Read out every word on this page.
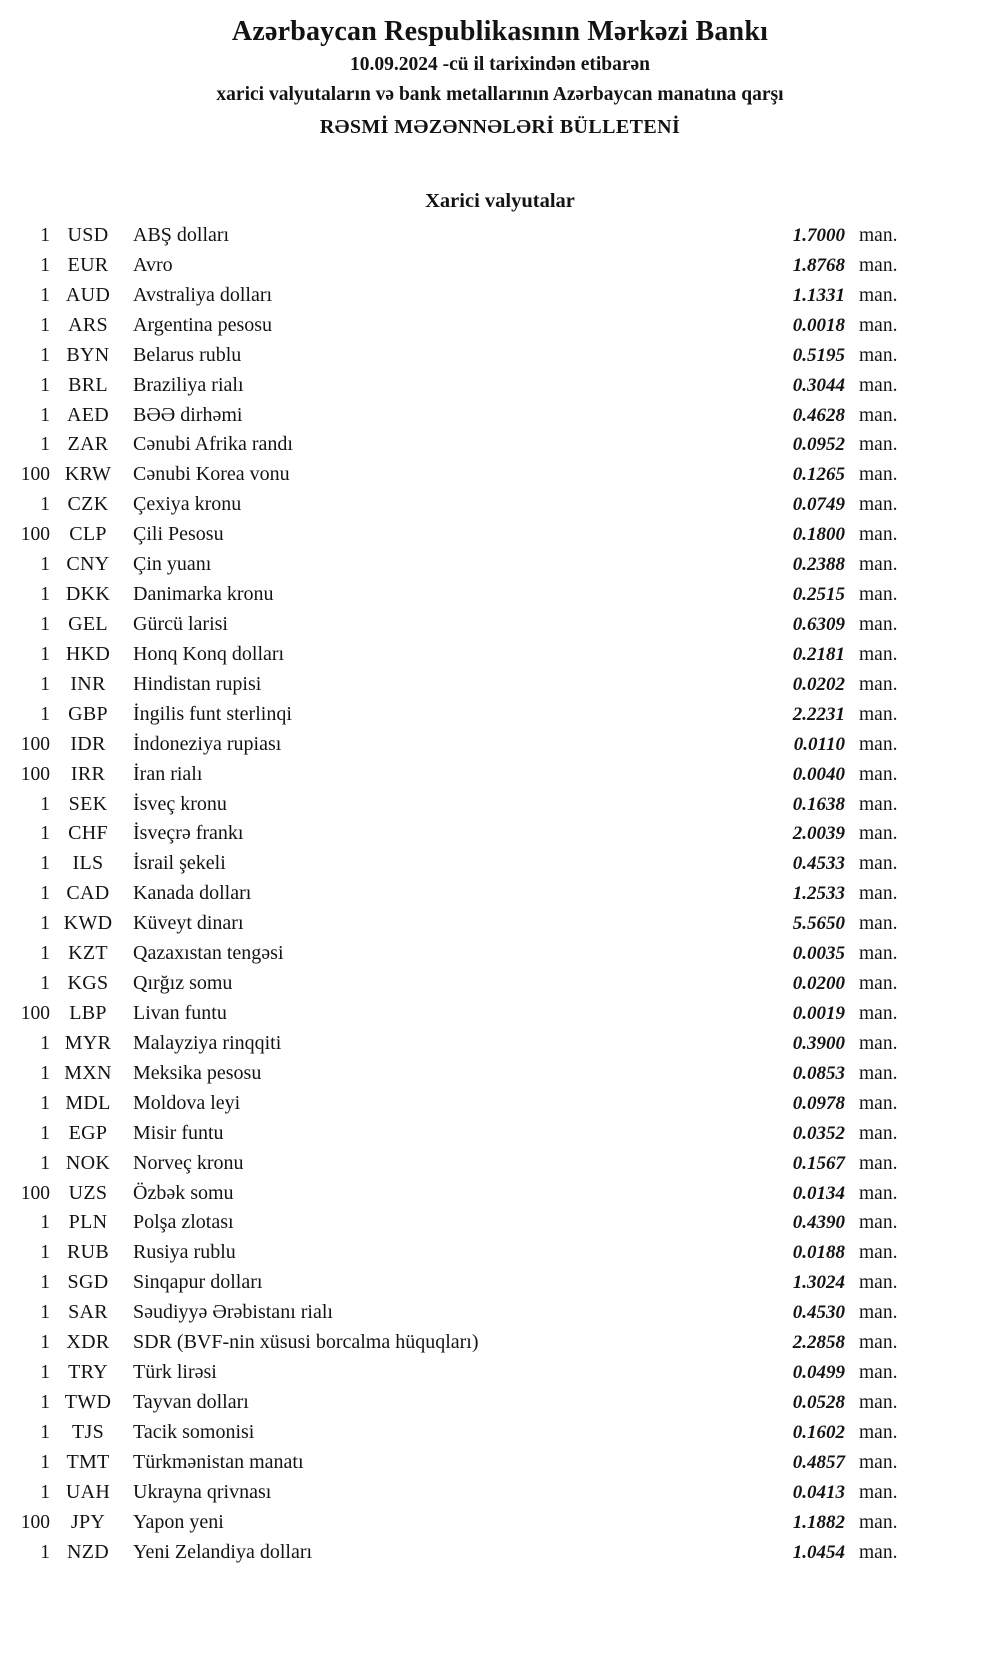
Azərbaycan Respublikasının Mərkəzi Bankı
10.09.2024 -cü il tarixindən etibarən
xarici valyutaların və bank metallarının Azərbaycan manatına qarşı
RƏSMİ MƏZƏNNƏLƏRİ BÜLLETENİ
Xarici valyutalar
1 USD	ABŞ dolları	1.7000 man.
1 EUR	Avro	1.8768 man.
1 AUD	Avstraliya dolları	1.1331 man.
1 ARS	Argentina pesosu	0.0018 man.
1 BYN	Belarus rublu	0.5195 man.
1 BRL	Braziliya rialı	0.3044 man.
1 AED	BƏƏ dirhəmi	0.4628 man.
1 ZAR	Cənubi Afrika randı	0.0952 man.
100 KRW	Cənubi Korea vonu	0.1265 man.
1 CZK	Çexiya kronu	0.0749 man.
100 CLP	Çili Pesosu	0.1800 man.
1 CNY	Çin yuanı	0.2388 man.
1 DKK	Danimarka kronu	0.2515 man.
1 GEL	Gürcü larisi	0.6309 man.
1 HKD	Honq Konq dolları	0.2181 man.
1	INR	Hindistan rupisi	0.0202 man.
1 GBP	İngilis funt sterlinqi	2.2231 man.
100	IDR	İndoneziya rupiası	0.0110 man.
100	IRR	İran rialı	0.0040 man.
1 SEK	İsveç kronu	0.1638 man.
1 CHF	İsveçrə frankı	2.0039 man.
1	ILS	İsrail şekeli	0.4533 man.
1 CAD	Kanada dolları	1.2533 man.
1 KWD	Küveyt dinarı	5.5650 man.
1 KZT	Qazaxıstan tengəsi	0.0035 man.
1 KGS	Qırğız somu	0.0200 man.
100 LBP	Livan funtu	0.0019 man.
1 MYR	Malayziya rinqqiti	0.3900 man.
1 MXN	Meksika pesosu	0.0853 man.
1 MDL	Moldova leyi	0.0978 man.
1 EGP	Misir funtu	0.0352 man.
1 NOK	Norveç kronu	0.1567 man.
100 UZS	Özbək somu	0.0134 man.
1 PLN	Polşa zlotası	0.4390 man.
1 RUB	Rusiya rublu	0.0188 man.
1 SGD	Sinqapur dolları	1.3024 man.
1 SAR	Səudiyyə Ərəbistanı rialı	0.4530 man.
1 XDR	SDR (BVF-nin xüsusi borcalma hüquqları)	2.2858 man.
1 TRY	Türk lirəsi	0.0499 man.
1 TWD	Tayvan dolları	0.0528 man.
1	TJS	Tacik somonisi	0.1602 man.
1 TMT	Türkmənistan manatı	0.4857 man.
1 UAH	Ukrayna qrivnası	0.0413 man.
100	JPY	Yapon yeni	1.1882 man.
1 NZD	Yeni Zelandiya dolları	1.0454 man.
